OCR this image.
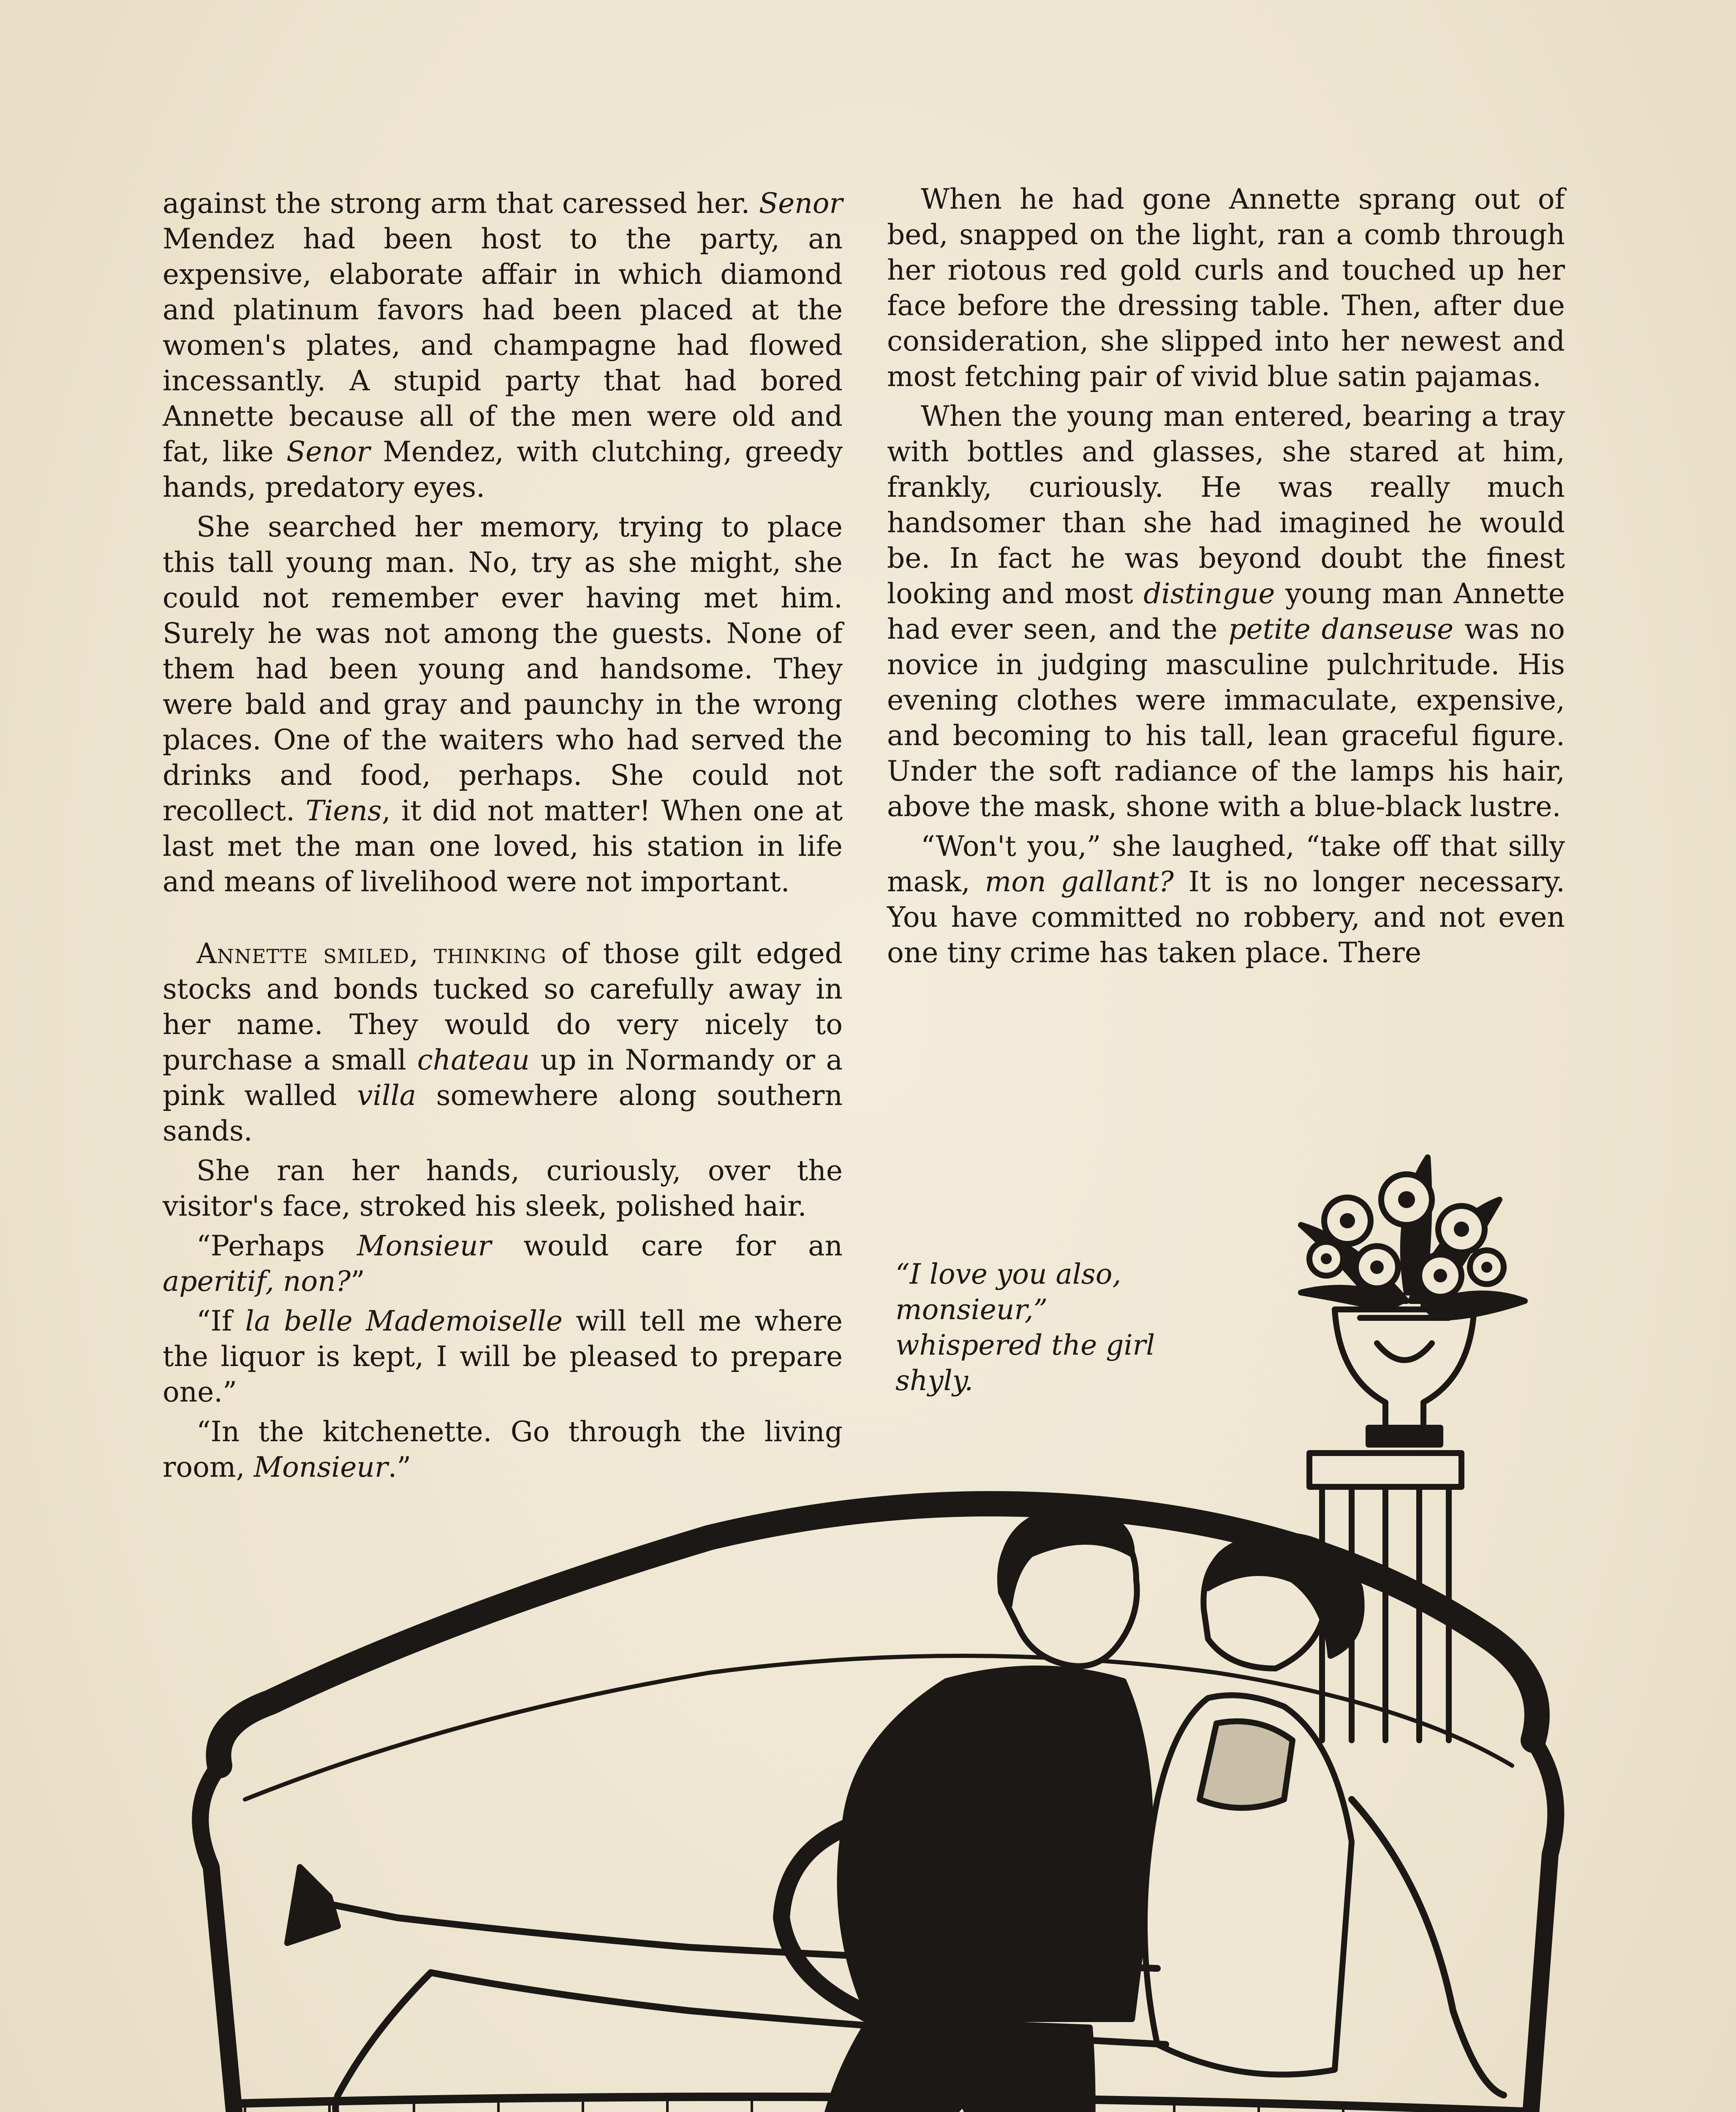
against the strong arm that caressed her. Senor Mendez had been host to the party, an expensive, elaborate affair in which diamond and platinum favors had been placed at the women's plates, and champagne had flowed incessantly. A stupid party that had bored Annette because all of the men were old and fat, like Senor Mendez, with clutching, greedy hands, predatory eyes.

She searched her memory, trying to place this tall young man. No, try as she might, she could not remember ever having met him. Surely he was not among the guests. None of them had been young and handsome. They were bald and gray and paunchy in the wrong places. One of the waiters who had served the drinks and food, perhaps. She could not recollect. Tiens, it did not matter! When one at last met the man one loved, his station in life and means of livelihood were not important.

Annette smiled, thinking of those gilt edged stocks and bonds tucked so carefully away in her name. They would do very nicely to purchase a small chateau up in Normandy or a pink walled villa somewhere along southern sands.

She ran her hands, curiously, over the visitor's face, stroked his sleek, polished hair.

“Perhaps Monsieur would care for an aperitif, non?”

“If la belle Mademoiselle will tell me where the liquor is kept, I will be pleased to prepare one.”

“In the kitchenette. Go through the living room, Monsieur.”

When he had gone Annette sprang out of bed, snapped on the light, ran a comb through her riotous red gold curls and touched up her face before the dressing table. Then, after due consideration, she slipped into her newest and most fetching pair of vivid blue satin pajamas.

When the young man entered, bearing a tray with bottles and glasses, she stared at him, frankly, curiously. He was really much handsomer than she had imagined he would be. In fact he was beyond doubt the finest looking and most distingue young man Annette had ever seen, and the petite danseuse was no novice in judging masculine pulchritude. His evening clothes were immaculate, expensive, and becoming to his tall, lean graceful figure. Under the soft radiance of the lamps his hair, above the mask, shone with a blue-black lustre.

“Won't you,” she laughed, “take off that silly mask, mon gallant? It is no longer necessary. You have committed no robbery, and not even one tiny crime has taken place. There

“I love you also, monsieur,” whispered the girl shyly.
